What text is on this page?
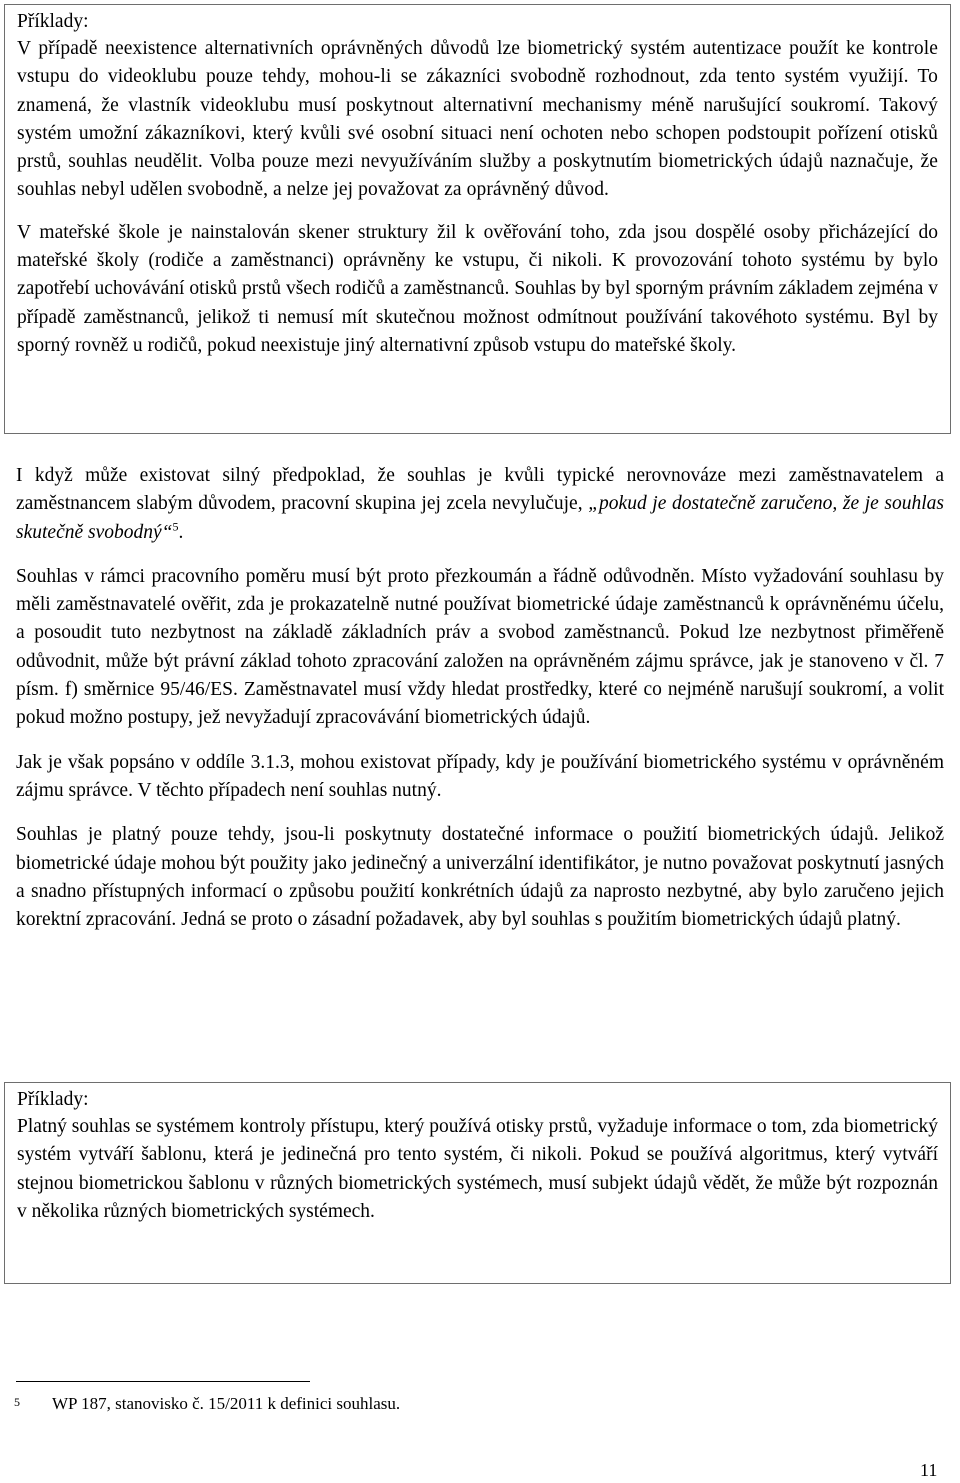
Příklady:

V případě neexistence alternativních oprávněných důvodů lze biometrický systém autentizace použít ke kontrole vstupu do videoklubu pouze tehdy, mohou-li se zákazníci svobodně rozhodnout, zda tento systém využijí. To znamená, že vlastník videoklubu musí poskytnout alternativní mechanismy méně narušující soukromí. Takový systém umožní zákazníkovi, který kvůli své osobní situaci není ochoten nebo schopen podstoupit pořízení otisků prstů, souhlas neudělit. Volba pouze mezi nevyužíváním služby a poskytnutím biometrických údajů naznačuje, že souhlas nebyl udělen svobodně, a nelze jej považovat za oprávněný důvod.

V mateřské škole je nainstalován skener struktury žil k ověřování toho, zda jsou dospělé osoby přicházející do mateřské školy (rodiče a zaměstnanci) oprávněny ke vstupu, či nikoli. K provozování tohoto systému by bylo zapotřebí uchovávání otisků prstů všech rodičů a zaměstnanců. Souhlas by byl sporným právním základem zejména v případě zaměstnanců, jelikož ti nemusí mít skutečnou možnost odmítnout používání takovéhoto systému. Byl by sporný rovněž u rodičů, pokud neexistuje jiný alternativní způsob vstupu do mateřské školy.

I když může existovat silný předpoklad, že souhlas je kvůli typické nerovnováze mezi zaměstnavatelem a zaměstnancem slabým důvodem, pracovní skupina jej zcela nevylučuje, „pokud je dostatečně zaručeno, že je souhlas skutečně svobodný“$^5$.

Souhlas v rámci pracovního poměru musí být proto přezkoumán a řádně odůvodněn. Místo vyžadování souhlasu by měli zaměstnavatelé ověřit, zda je prokazatelně nutné používat biometrické údaje zaměstnanců k oprávněnému účelu, a posoudit tuto nezbytnost na základě základních práv a svobod zaměstnanců. Pokud lze nezbytnost přiměřeně odůvodnit, může být právní základ tohoto zpracování založen na oprávněném zájmu správce, jak je stanoveno v čl. 7 písm. f) směrnice 95/46/ES. Zaměstnavatel musí vždy hledat prostředky, které co nejméně narušují soukromí, a volit pokud možno postupy, jež nevyžadují zpracovávání biometrických údajů.

Jak je však popsáno v oddíle 3.1.3, mohou existovat případy, kdy je používání biometrického systému v oprávněném zájmu správce. V těchto případech není souhlas nutný.

Souhlas je platný pouze tehdy, jsou-li poskytnuty dostatečné informace o použití biometrických údajů. Jelikož biometrické údaje mohou být použity jako jedinečný a univerzální identifikátor, je nutno považovat poskytnutí jasných a snadno přístupných informací o způsobu použití konkrétních údajů za naprosto nezbytné, aby bylo zaručeno jejich korektní zpracování. Jedná se proto o zásadní požadavek, aby byl souhlas s použitím biometrických údajů platný.

Příklady:

Platný souhlas se systémem kontroly přístupu, který používá otisky prstů, vyžaduje informace o tom, zda biometrický systém vytváří šablonu, která je jedinečná pro tento systém, či nikoli. Pokud se používá algoritmus, který vytváří stejnou biometrickou šablonu v různých biometrických systémech, musí subjekt údajů vědět, že může být rozpoznán v několika různých biometrických systémech.

5 WP 187, stanovisko č. 15/2011 k definici souhlasu.
11
